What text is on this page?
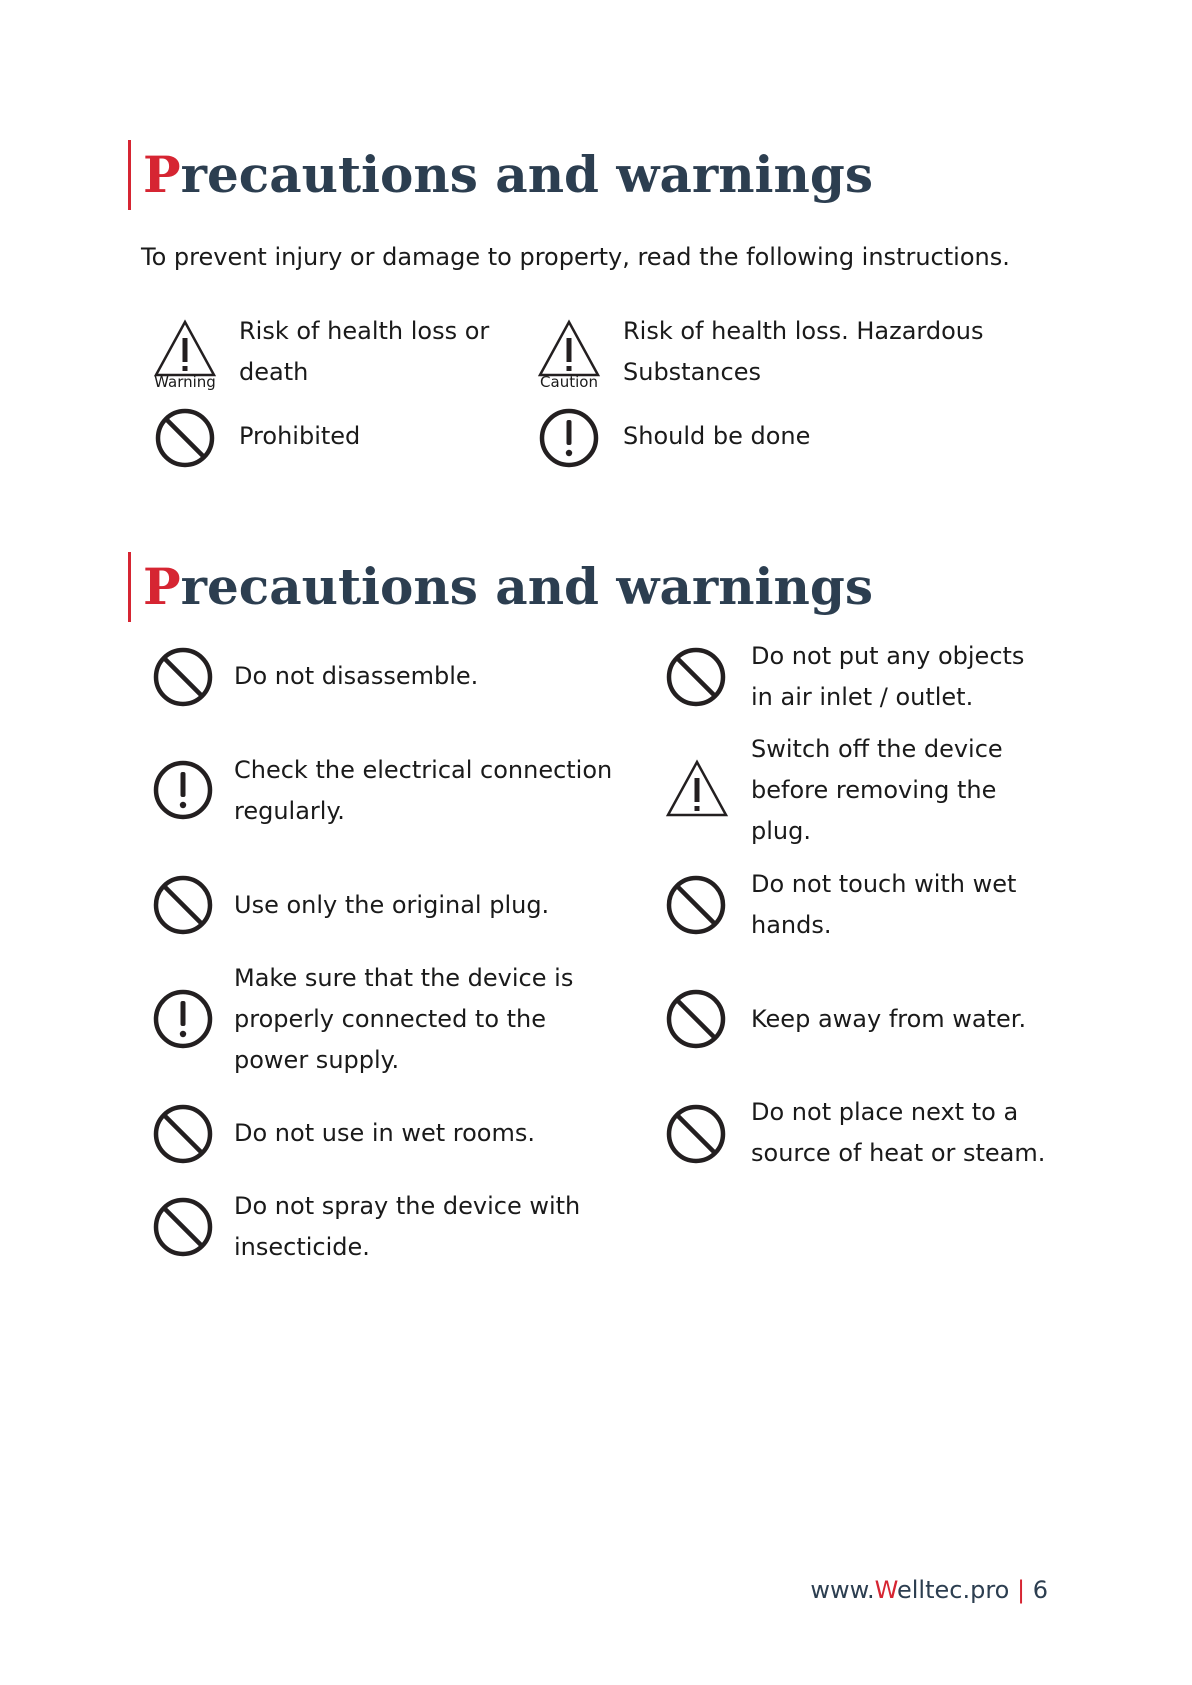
Precautions and warnings
To prevent injury or damage to property, read the following instructions.
Warning
Risk of health loss or death	Caution
Risk of health loss. Hazardous Substances
Prohibited	Should be done
Precautions and warnings
Do not disassemble.
Check the electrical connection regularly.
Use only the original plug.
Make sure that the device is properly connected to the power supply.
Do not use in wet rooms.
Do not spray the device with insecticide.
Do not put any objects in air inlet / outlet.
Switch off the device before removing the plug.
Do not touch with wet hands.
Keep away from water.
Do not place next to a source of heat or steam.
www.Welltec.pro | 6
